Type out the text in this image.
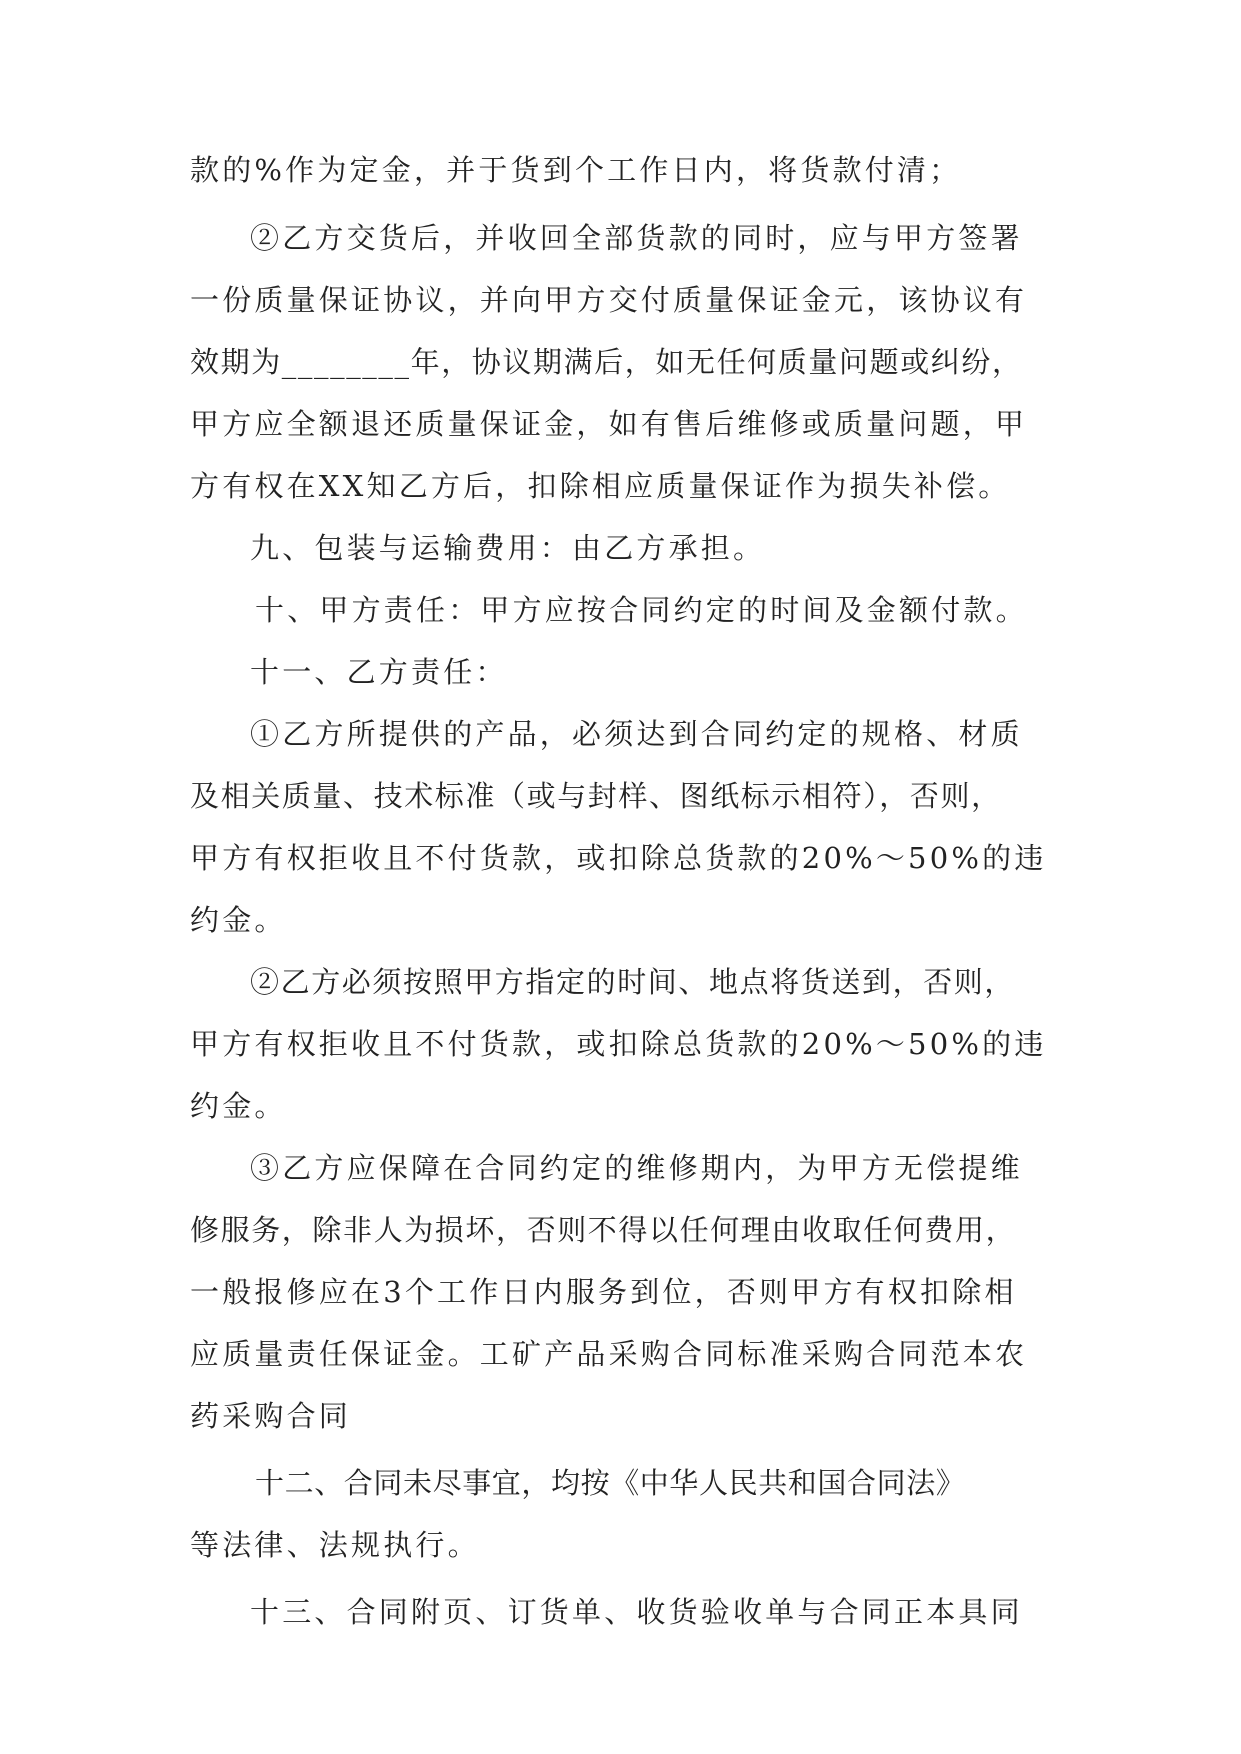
款的%作为定金，并于货到个工作日内，将货款付清；
②乙方交货后，并收回全部货款的同时，应与甲方签署
一份质量保证协议，并向甲方交付质量保证金元，该协议有
效期为________年，协议期满后，如无任何质量问题或纠纷，
甲方应全额退还质量保证金，如有售后维修或质量问题，甲
方有权在XX知乙方后，扣除相应质量保证作为损失补偿。
九、包装与运输费用：由乙方承担。
十、甲方责任：甲方应按合同约定的时间及金额付款。
十一、乙方责任：
①乙方所提供的产品，必须达到合同约定的规格、材质
及相关质量、技术标准（或与封样、图纸标示相符），否则，
甲方有权拒收且不付货款，或扣除总货款的20%～50%的违
约金。
②乙方必须按照甲方指定的时间、地点将货送到，否则，
甲方有权拒收且不付货款，或扣除总货款的20%～50%的违
约金。
③乙方应保障在合同约定的维修期内，为甲方无偿提维
修服务，除非人为损坏，否则不得以任何理由收取任何费用，
一般报修应在3个工作日内服务到位，否则甲方有权扣除相
应质量责任保证金。工矿产品采购合同标准采购合同范本农
药采购合同
十二、合同未尽事宜，均按《中华人民共和国合同法》
等法律、法规执行。
十三、合同附页、订货单、收货验收单与合同正本具同
